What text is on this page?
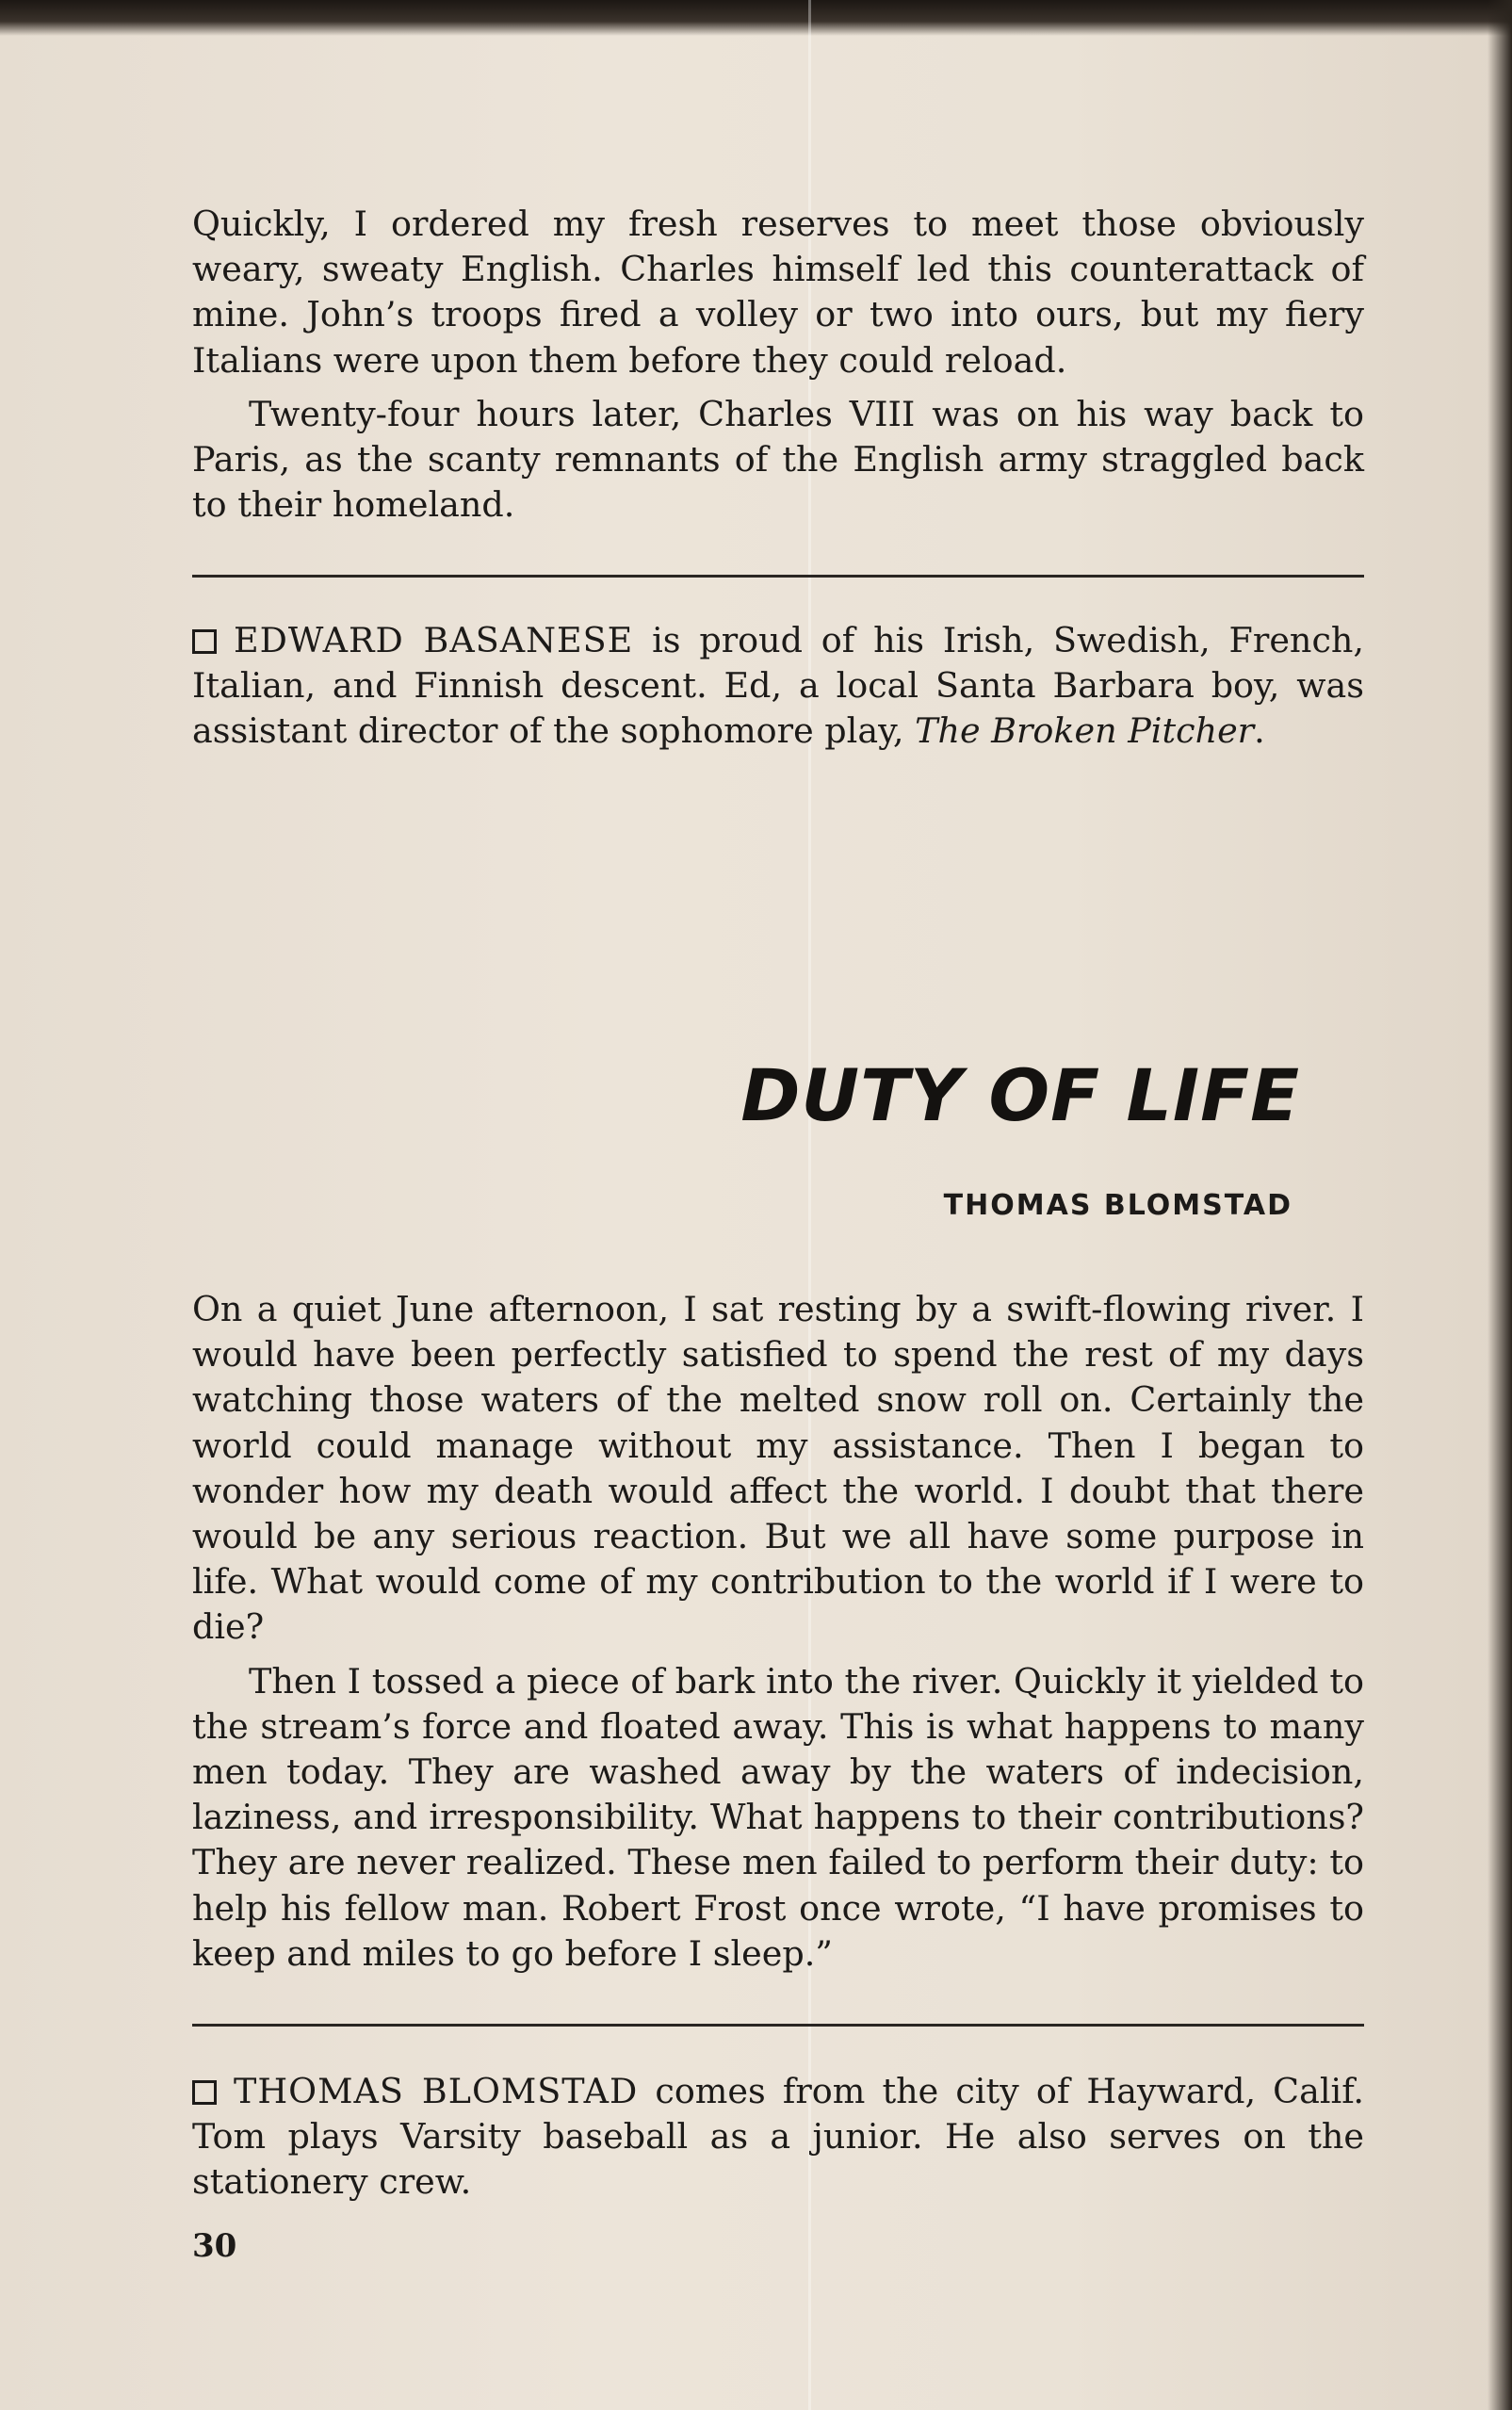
Quickly, I ordered my fresh reserves to meet those obviously weary, sweaty English. Charles himself led this counterattack of mine. John’s troops fired a volley or two into ours, but my fiery Italians were upon them before they could reload.

Twenty-four hours later, Charles VIII was on his way back to Paris, as the scanty remnants of the English army straggled back to their homeland.

EDWARD BASANESE is proud of his Irish, Swedish, French, Italian, and Finnish descent. Ed, a local Santa Barbara boy, was assistant director of the sophomore play, The Broken Pitcher.

DUTY OF LIFE
THOMAS BLOMSTAD

On a quiet June afternoon, I sat resting by a swift-flowing river. I would have been perfectly satisfied to spend the rest of my days watching those waters of the melted snow roll on. Certainly the world could manage without my assistance. Then I began to wonder how my death would affect the world. I doubt that there would be any serious reaction. But we all have some purpose in life. What would come of my contribution to the world if I were to die?

Then I tossed a piece of bark into the river. Quickly it yielded to the stream’s force and floated away. This is what happens to many men today. They are washed away by the waters of indecision, laziness, and irresponsibility. What happens to their contributions? They are never realized. These men failed to perform their duty: to help his fellow man. Robert Frost once wrote, “I have promises to keep and miles to go before I sleep.”

THOMAS BLOMSTAD comes from the city of Hayward, Calif. Tom plays Varsity baseball as a junior. He also serves on the stationery crew.

30
